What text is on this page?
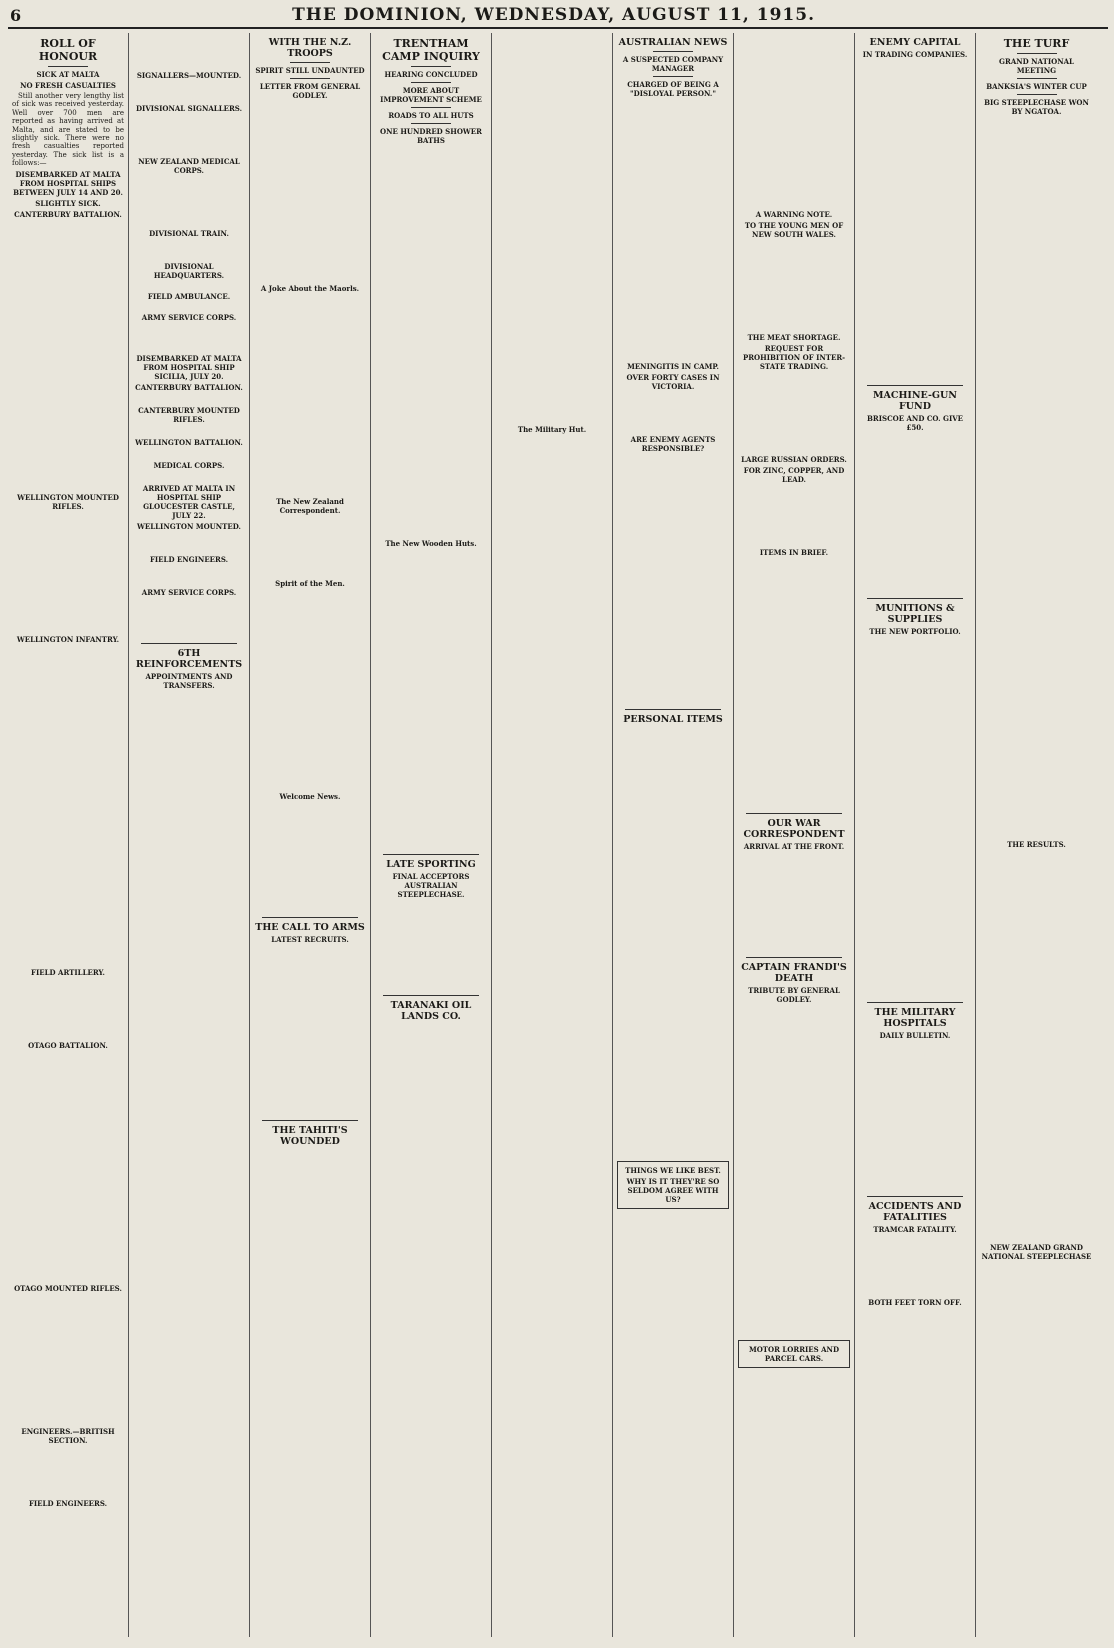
6	THE DOMINION, WEDNESDAY, AUGUST 11, 1915.
ROLL OF HONOUR
SICK AT MALTA
NO FRESH CASUALTIES

Still another very lengthy list of sick was received yesterday. Well over 700 men are reported as having arrived at Malta, and are stated to be slightly sick. There were no fresh casualties reported yesterday. The sick list is a follows:—

DISEMBARKED AT MALTA FROM HOSPITAL SHIPS BETWEEN JULY 14 AND 20.
SLIGHTLY SICK.
CANTERBURY BATTALION.
WELLINGTON MOUNTED RIFLES.
WELLINGTON INFANTRY.
FIELD ARTILLERY.
OTAGO BATTALION.
OTAGO MOUNTED RIFLES.
ENGINEERS.—BRITISH SECTION.
FIELD ENGINEERS.
SIGNALLERS—MOUNTED.
DIVISIONAL SIGNALLERS.
NEW ZEALAND MEDICAL CORPS.
DIVISIONAL TRAIN.
DIVISIONAL HEADQUARTERS.
FIELD AMBULANCE.
ARMY SERVICE CORPS.
DISEMBARKED AT MALTA FROM HOSPITAL SHIP SICILIA, JULY 20.
CANTERBURY BATTALION.
CANTERBURY MOUNTED RIFLES.
WELLINGTON BATTALION.
MEDICAL CORPS.
ARRIVED AT MALTA IN HOSPITAL SHIP GLOUCESTER CASTLE, JULY 22.
WELLINGTON MOUNTED.
FIELD ENGINEERS.
ARMY SERVICE CORPS.
6TH REINFORCEMENTS
APPOINTMENTS AND TRANSFERS.
WITH THE N.Z. TROOPS
SPIRIT STILL UNDAUNTED
LETTER FROM GENERAL GODLEY.
A Joke About the Maorls.
The New Zealand Correspondent.
Spirit of the Men.
Welcome News.
THE CALL TO ARMS
LATEST RECRUITS.
THE TAHITI'S WOUNDED
TRENTHAM CAMP INQUIRY
HEARING CONCLUDED
MORE ABOUT IMPROVEMENT SCHEME
ROADS TO ALL HUTS
ONE HUNDRED SHOWER BATHS
The New Wooden Huts.
LATE SPORTING
FINAL ACCEPTORS AUSTRALIAN STEEPLECHASE.
TARANAKI OIL LANDS CO.
The Military Hut.
AUSTRALIAN NEWS
A SUSPECTED COMPANY MANAGER
CHARGED OF BEING A "DISLOYAL PERSON."
MENINGITIS IN CAMP.
OVER FORTY CASES IN VICTORIA.
ARE ENEMY AGENTS RESPONSIBLE?
PERSONAL ITEMS
THINGS WE LIKE BEST.
WHY IS IT THEY'RE SO SELDOM AGREE WITH US?
A WARNING NOTE.
TO THE YOUNG MEN OF NEW SOUTH WALES.
THE MEAT SHORTAGE.
REQUEST FOR PROHIBITION OF INTER-STATE TRADING.
LARGE RUSSIAN ORDERS.
FOR ZINC, COPPER, AND LEAD.
ITEMS IN BRIEF.
OUR WAR CORRESPONDENT
ARRIVAL AT THE FRONT.
CAPTAIN FRANDI'S DEATH
TRIBUTE BY GENERAL GODLEY.
MOTOR LORRIES AND PARCEL CARS.
ENEMY CAPITAL
IN TRADING COMPANIES.
MACHINE-GUN FUND
BRISCOE AND CO. GIVE £50.
MUNITIONS & SUPPLIES
THE NEW PORTFOLIO.
THE MILITARY HOSPITALS
DAILY BULLETIN.
ACCIDENTS AND FATALITIES
TRAMCAR FATALITY.
BOTH FEET TORN OFF.
THE TURF
GRAND NATIONAL MEETING
BANKSIA'S WINTER CUP
BIG STEEPLECHASE WON BY NGATOA.
THE RESULTS.
NEW ZEALAND GRAND NATIONAL STEEPLECHASE
